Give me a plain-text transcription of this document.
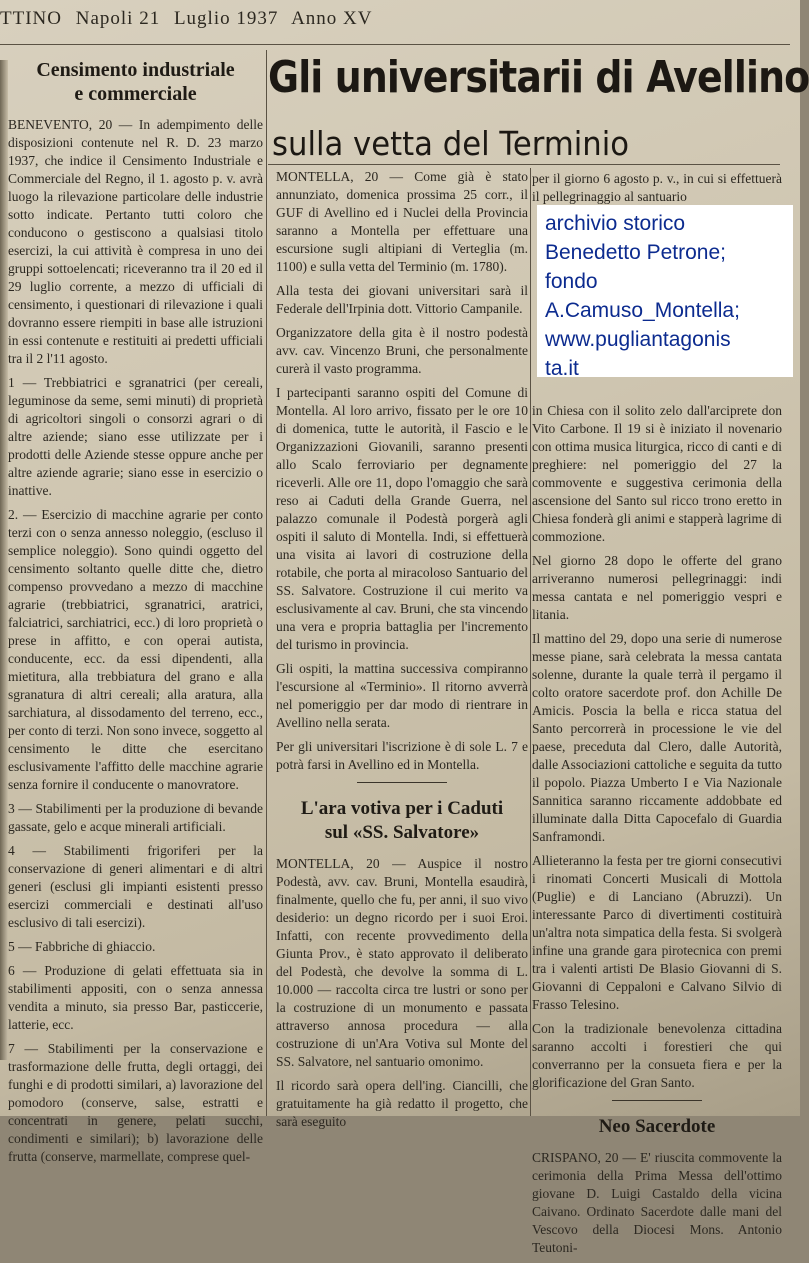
TTINO Napoli 21 Luglio 1937 Anno XV
Censimento industriale
e commerciale

BENEVENTO, 20 — In adempimento delle disposizioni contenute nel R. D. 23 marzo 1937, che indice il Censimento Industriale e Commerciale del Regno, il 1. agosto p. v. avrà luogo la rilevazione particolare delle industrie sotto indicate. Pertanto tutti coloro che conducono o gestiscono a qualsiasi titolo esercizi, la cui attività è compresa in uno dei gruppi sottoelencati; riceveranno tra il 20 ed il 29 luglio corrente, a mezzo di ufficiali di censimento, i questionari di rilevazione i quali dovranno essere riempiti in base alle istruzioni in essi contenute e restituiti ai predetti ufficiali tra il 2 l'11 agosto.

1 — Trebbiatrici e sgranatrici (per cereali, leguminose da seme, semi minuti) di proprietà di agricoltori singoli o consorzi agrari o di altre aziende; siano esse utilizzate per i prodotti delle Aziende stesse oppure anche per altre aziende agrarie; siano esse in esercizio o inattive.

2. — Esercizio di macchine agrarie per conto terzi con o senza annesso noleggio, (escluso il semplice noleggio). Sono quindi oggetto del censimento soltanto quelle ditte che, dietro compenso provvedano a mezzo di macchine agrarie (trebbiatrici, sgranatrici, aratrici, falciatrici, sarchiatrici, ecc.) di loro proprietà o prese in affitto, e con operai autista, conducente, ecc. da essi dipendenti, alla mietitura, alla trebbiatura del grano e alla sgranatura di altri cereali; alla aratura, alla sarchiatura, al dissodamento del terreno, ecc., per conto di terzi. Non sono invece, soggetto al censimento le ditte che esercitano esclusivamente l'affitto delle macchine agrarie senza fornire il conducente o manovratore.

3 — Stabilimenti per la produzione di bevande gassate, gelo e acque minerali artificiali.

4 — Stabilimenti frigoriferi per la conservazione di generi alimentari e di altri generi (esclusi gli impianti esistenti presso esercizi commerciali e destinati all'uso esclusivo di tali esercizi).

5 — Fabbriche di ghiaccio.

6 — Produzione di gelati effettuata sia in stabilimenti appositi, con o senza annessa vendita a minuto, sia presso Bar, pasticcerie, latterie, ecc.

7 — Stabilimenti per la conservazione e trasformazione delle frutta, degli ortaggi, dei funghi e di prodotti similari, a) lavorazione del pomodoro (conserve, salse, estratti e concentrati in genere, pelati succhi, condimenti e similari); b) lavorazione delle frutta (conserve, marmellate, comprese quel-

Gli universitarii di Avellino
sulla vetta del Terminio

MONTELLA, 20 — Come già è stato annunziato, domenica prossima 25 corr., il GUF di Avellino ed i Nuclei della Provincia saranno a Montella per effettuare una escursione sugli altipiani di Verteglia (m. 1100) e sulla vetta del Terminio (m. 1780).

Alla testa dei giovani universitari sarà il Federale dell'Irpinia dott. Vittorio Campanile.

Organizzatore della gita è il nostro podestà avv. cav. Vincenzo Bruni, che personalmente curerà il vasto programma.

I partecipanti saranno ospiti del Comune di Montella. Al loro arrivo, fissato per le ore 10 di domenica, tutte le autorità, il Fascio e le Organizzazioni Giovanili, saranno presenti allo Scalo ferroviario per degnamente riceverli. Alle ore 11, dopo l'omaggio che sarà reso ai Caduti della Grande Guerra, nel palazzo comunale il Podestà porgerà agli ospiti il saluto di Montella. Indi, si effettuerà una visita ai lavori di costruzione della rotabile, che porta al miracoloso Santuario del SS. Salvatore. Costruzione il cui merito va esclusivamente al cav. Bruni, che sta vincendo una vera e propria battaglia per l'incremento del turismo in provincia.

Gli ospiti, la mattina successiva compiranno l'escursione al «Terminio». Il ritorno avverrà nel pomeriggio per dar modo di rientrare in Avellino nella serata.

Per gli universitari l'iscrizione è di sole L. 7 e potrà farsi in Avellino ed in Montella.

L'ara votiva per i Caduti
sul «SS. Salvatore»

MONTELLA, 20 — Auspice il nostro Podestà, avv. cav. Bruni, Montella esaudirà, finalmente, quello che fu, per anni, il suo vivo desiderio: un degno ricordo per i suoi Eroi. Infatti, con recente provvedimento della Giunta Prov., è stato approvato il deliberato del Podestà, che devolve la somma di L. 10.000 — raccolta circa tre lustri or sono per la costruzione di un monumento e passata attraverso annosa procedura — alla costruzione di un'Ara Votiva sul Monte del SS. Salvatore, nel santuario omonimo.

Il ricordo sarà opera dell'ing. Ciancilli, che gratuitamente ha già redatto il progetto, che sarà eseguito

per il giorno 6 agosto p. v., in cui si effettuerà il pellegrinaggio al santuario

in Chiesa con il solito zelo dall'arciprete don Vito Carbone. Il 19 si è iniziato il novenario con ottima musica liturgica, ricco di canti e di preghiere: nel pomeriggio del 27 la commovente e suggestiva cerimonia della ascensione del Santo sul ricco trono eretto in Chiesa fonderà gli animi e stapperà lagrime di commozione.

Nel giorno 28 dopo le offerte del grano arriveranno numerosi pellegrinaggi: indi messa cantata e nel pomeriggio vespri e litania.

Il mattino del 29, dopo una serie di numerose messe piane, sarà celebrata la messa cantata solenne, durante la quale terrà il pergamo il colto oratore sacerdote prof. don Achille De Amicis. Poscia la bella e ricca statua del Santo percorrerà in processione le vie del paese, preceduta dal Clero, dalle Autorità, dalle Associazioni cattoliche e seguita da tutto il popolo. Piazza Umberto I e Via Nazionale Sannitica saranno riccamente addobbate ed illuminate dalla Ditta Capocefalo di Guardia Sanframondi.

Allieteranno la festa per tre giorni consecutivi i rinomati Concerti Musicali di Mottola (Puglie) e di Lanciano (Abruzzi). Un interessante Parco di divertimenti costituirà un'altra nota simpatica della festa. Si svolgerà infine una grande gara pirotecnica con premi tra i valenti artisti De Blasio Giovanni di S. Giovanni di Ceppaloni e Calvano Silvio di Frasso Telesino.

Con la tradizionale benevolenza cittadina saranno accolti i forestieri che qui converranno per la consueta fiera e per la glorificazione del Gran Santo.

Neo Sacerdote

CRISPANO, 20 — E' riuscita commovente la cerimonia della Prima Messa dell'ottimo giovane D. Luigi Castaldo della vicina Caivano. Ordinato Sacerdote dalle mani del Vescovo della Diocesi Mons. Antonio Teutoni-

archivio storico
Benedetto Petrone;
fondo
A.Camuso_Montella;
www.pugliantagonis
ta.it
